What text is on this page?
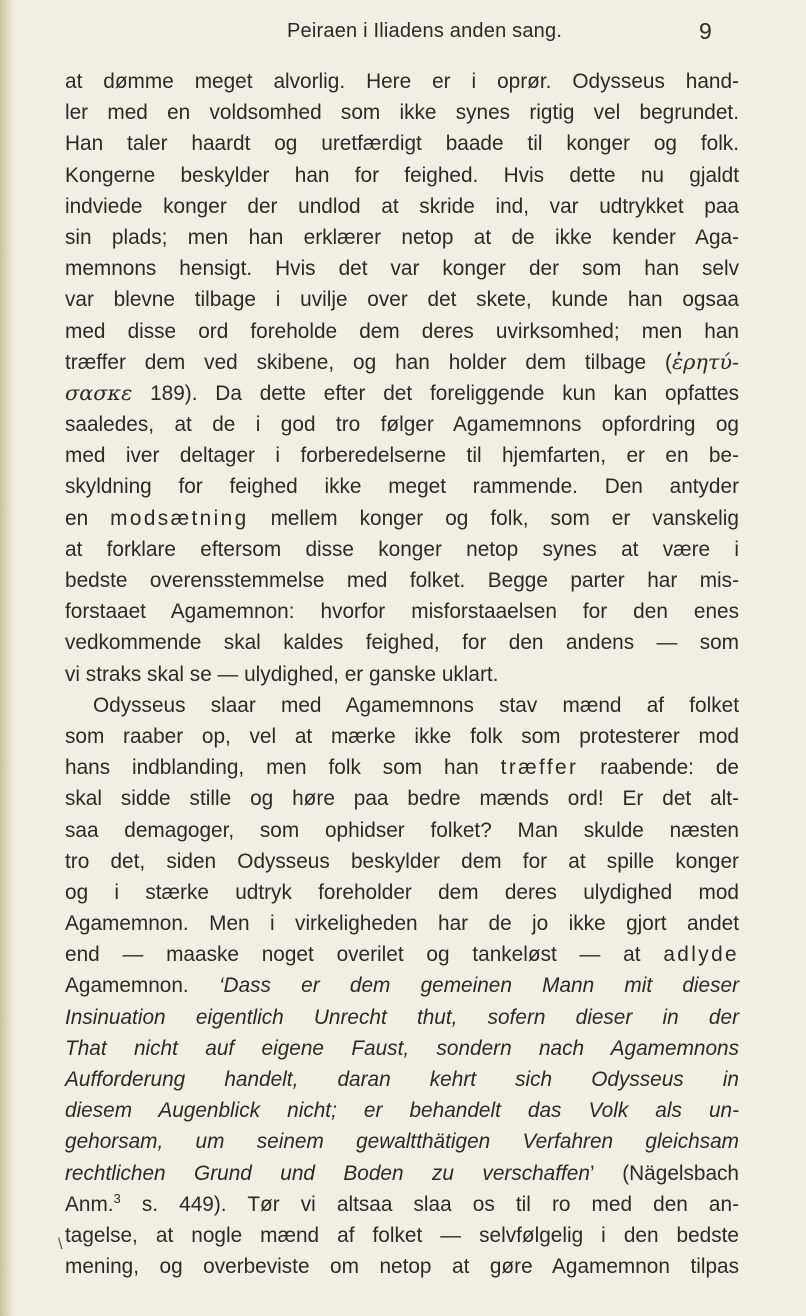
Peiraen i Iliadens anden sang.	9
at dømme meget alvorlig. Here er i oprør. Odysseus hand-
ler med en voldsomhed som ikke synes rigtig vel begrundet.
Han taler haardt og uretfærdigt baade til konger og folk.
Kongerne beskylder han for feighed. Hvis dette nu gjaldt
indviede konger der undlod at skride ind, var udtrykket paa
sin plads; men han erklærer netop at de ikke kender Aga-
memnons hensigt. Hvis det var konger der som han selv
var blevne tilbage i uvilje over det skete, kunde han ogsaa
med disse ord foreholde dem deres uvirksomhed; men han
træffer dem ved skibene, og han holder dem tilbage (ἐρητύ-
σασκε 189). Da dette efter det foreliggende kun kan opfattes
saaledes, at de i god tro følger Agamemnons opfordring og
med iver deltager i forberedelserne til hjemfarten, er en be-
skyldning for feighed ikke meget rammende. Den antyder
en modsætning mellem konger og folk, som er vanskelig
at forklare eftersom disse konger netop synes at være i
bedste overensstemmelse med folket. Begge parter har mis-
forstaaet Agamemnon: hvorfor misforstaaelsen for den enes
vedkommende skal kaldes feighed, for den andens — som
vi straks skal se — ulydighed, er ganske uklart.
Odysseus slaar med Agamemnons stav mænd af folket
som raaber op, vel at mærke ikke folk som protesterer mod
hans indblanding, men folk som han træffer raabende: de
skal sidde stille og høre paa bedre mænds ord! Er det alt-
saa demagoger, som ophidser folket? Man skulde næsten
tro det, siden Odysseus beskylder dem for at spille konger
og i stærke udtryk foreholder dem deres ulydighed mod
Agamemnon. Men i virkeligheden har de jo ikke gjort andet
end — maaske noget overilet og tankeløst — at adlyde
Agamemnon. ‘Dass er dem gemeinen Mann mit dieser
Insinuation eigentlich Unrecht thut, sofern dieser in der
That nicht auf eigene Faust, sondern nach Agamemnons
Aufforderung handelt, daran kehrt sich Odysseus in
diesem Augenblick nicht; er behandelt das Volk als un-
gehorsam, um seinem gewaltthätigen Verfahren gleichsam
rechtlichen Grund und Boden zu verschaffen’ (Nägelsbach
Anm.$^3$ s. 449). Tør vi altsaa slaa os til ro med den an-
tagelse, at nogle mænd af folket — selvfølgelig i den bedste
mening, og overbeviste om netop at gøre Agamemnon tilpas
\
